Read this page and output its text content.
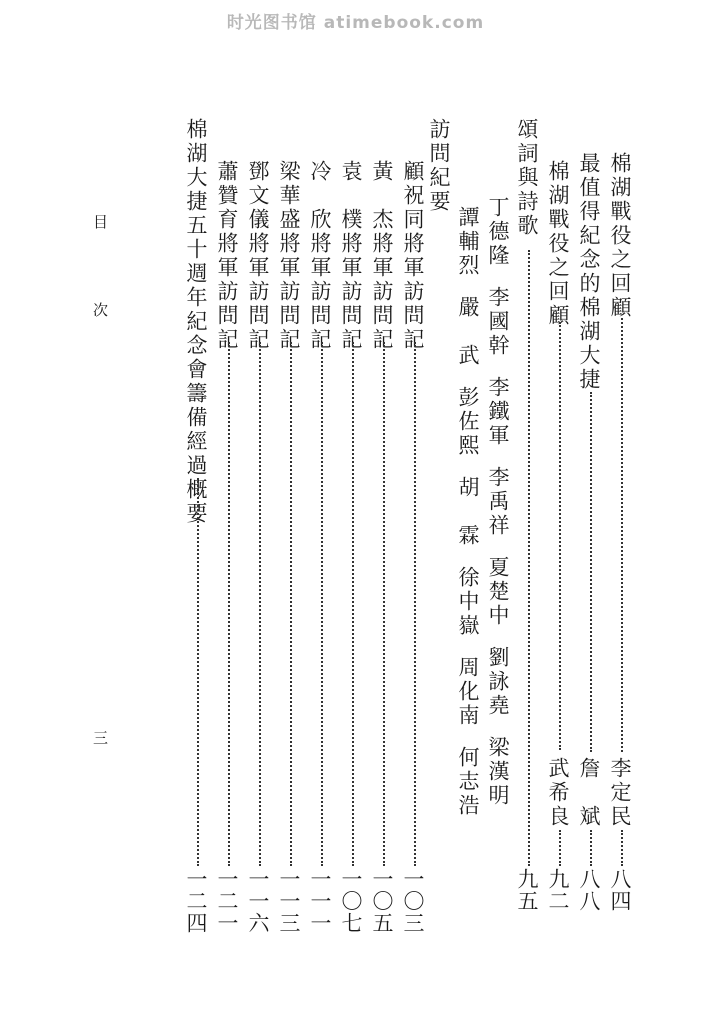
时光图书馆 atimebook.com
目
次
三
棉湖戰役之回顧
李定民
八四
最值得紀念的棉湖大捷
詹　斌
八八
棉湖戰役之回顧
武希良
九二
頌詞與詩歌
九五
丁德隆李國幹李鐵軍李禹祥夏楚中劉詠堯梁漢明
譚輔烈嚴　武彭佐熙胡　霖徐中嶽周化南何志浩
訪問紀要
顧祝同將軍訪問記
一〇三
黃　杰將軍訪問記
一〇五
袁　樸將軍訪問記
一〇七
冷　欣將軍訪問記
一一一
梁華盛將軍訪問記
一一三
鄧文儀將軍訪問記
一一六
蕭贊育將軍訪問記
一二一
棉湖大捷五十週年紀念會籌備經過概要
一二四
